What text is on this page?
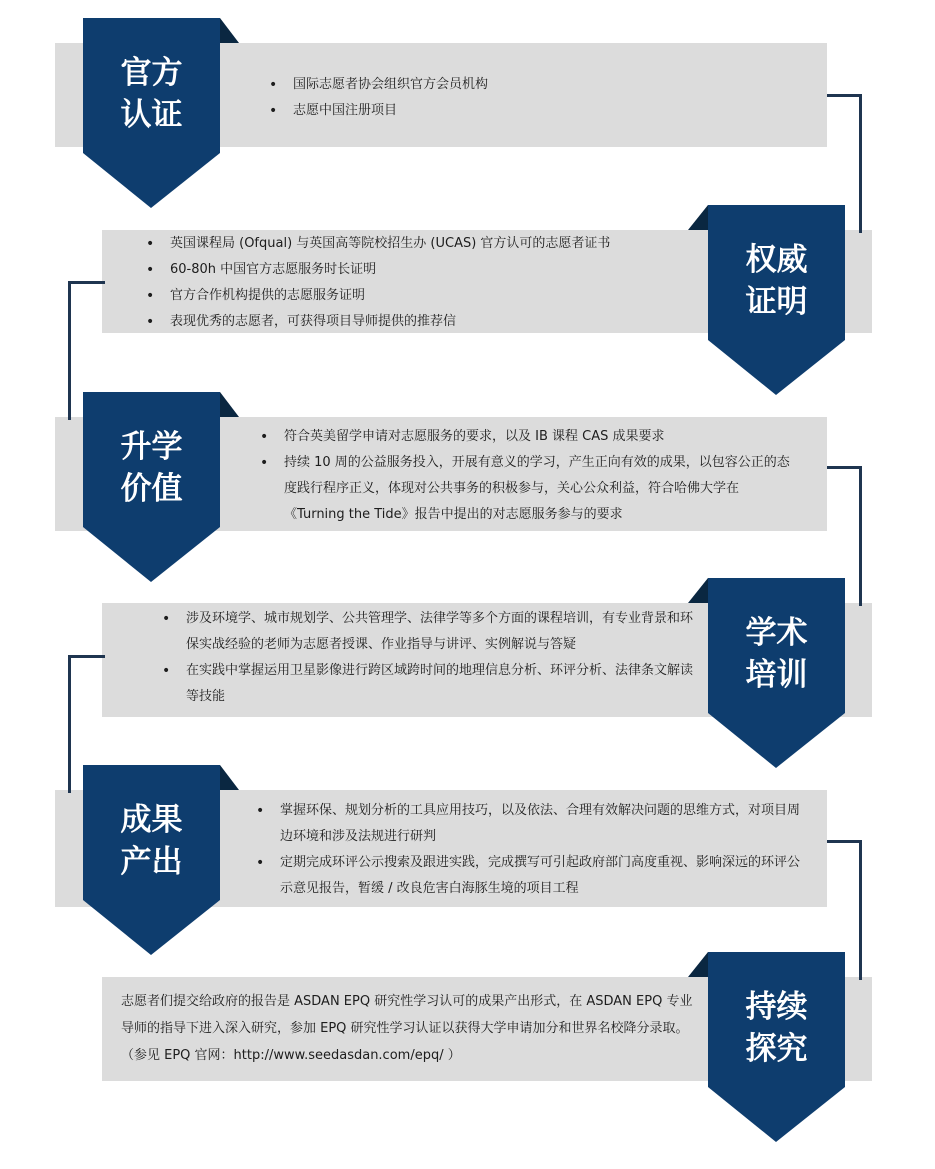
官方
认证
• 国际志愿者协会组织官方会员机构
• 志愿中国注册项目
权威
证明
• 英国课程局 (Ofqual) 与英国高等院校招生办 (UCAS) 官方认可的志愿者证书
• 60-80h 中国官方志愿服务时长证明
• 官方合作机构提供的志愿服务证明
• 表现优秀的志愿者，可获得项目导师提供的推荐信
升学
价值
• 符合英美留学申请对志愿服务的要求，以及 IB 课程 CAS 成果要求
• 持续 10 周的公益服务投入，开展有意义的学习，产生正向有效的成果，以包容公正的态度践行程序正义，体现对公共事务的积极参与，关心公众利益，符合哈佛大学在《Turning the Tide》报告中提出的对志愿服务参与的要求
学术
培训
• 涉及环境学、城市规划学、公共管理学、法律学等多个方面的课程培训，有专业背景和环保实战经验的老师为志愿者授课、作业指导与讲评、实例解说与答疑
• 在实践中掌握运用卫星影像进行跨区域跨时间的地理信息分析、环评分析、法律条文解读等技能
成果
产出
• 掌握环保、规划分析的工具应用技巧，以及依法、合理有效解决问题的思维方式，对项目周边环境和涉及法规进行研判
• 定期完成环评公示搜索及跟进实践，完成撰写可引起政府部门高度重视、影响深远的环评公示意见报告，暂缓 / 改良危害白海豚生境的项目工程
持续
探究

志愿者们提交给政府的报告是 ASDAN EPQ 研究性学习认可的成果产出形式，在 ASDAN EPQ 专业导师的指导下进入深入研究，参加 EPQ 研究性学习认证以获得大学申请加分和世界名校降分录取。（参见 EPQ 官网：http://www.seedasdan.com/epq/ ）
